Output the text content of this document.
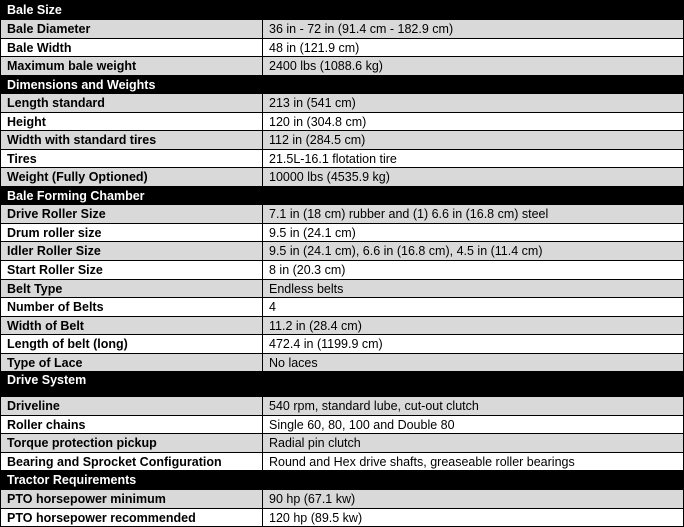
Bale Size	
Bale Diameter	36 in - 72 in (91.4 cm - 182.9 cm)
Bale Width	48 in (121.9 cm)
Maximum bale weight	2400 lbs (1088.6 kg)
Dimensions and Weights	
Length standard	213 in (541 cm)
Height	120 in (304.8 cm)
Width with standard tires	112 in (284.5 cm)
Tires	21.5L-16.1 flotation tire
Weight (Fully Optioned)	10000 lbs (4535.9 kg)
Bale Forming Chamber	
Drive Roller Size	7.1 in (18 cm) rubber and (1) 6.6 in (16.8 cm) steel
Drum roller size	9.5 in (24.1 cm)
Idler Roller Size	9.5 in (24.1 cm), 6.6 in (16.8 cm), 4.5 in (11.4 cm)
Start Roller Size	8 in (20.3 cm)
Belt Type	Endless belts
Number of Belts	4
Width of Belt	11.2 in (28.4 cm)
Length of belt (long)	472.4 in (1199.9 cm)
Type of Lace	No laces
Drive System	
Driveline	540 rpm, standard lube, cut-out clutch
Roller chains	Single 60, 80, 100 and Double 80
Torque protection pickup	Radial pin clutch
Bearing and Sprocket Configuration	Round and Hex drive shafts, greaseable roller bearings
Tractor Requirements	
PTO horsepower minimum	90 hp (67.1 kw)
PTO horsepower recommended	120 hp (89.5 kw)
